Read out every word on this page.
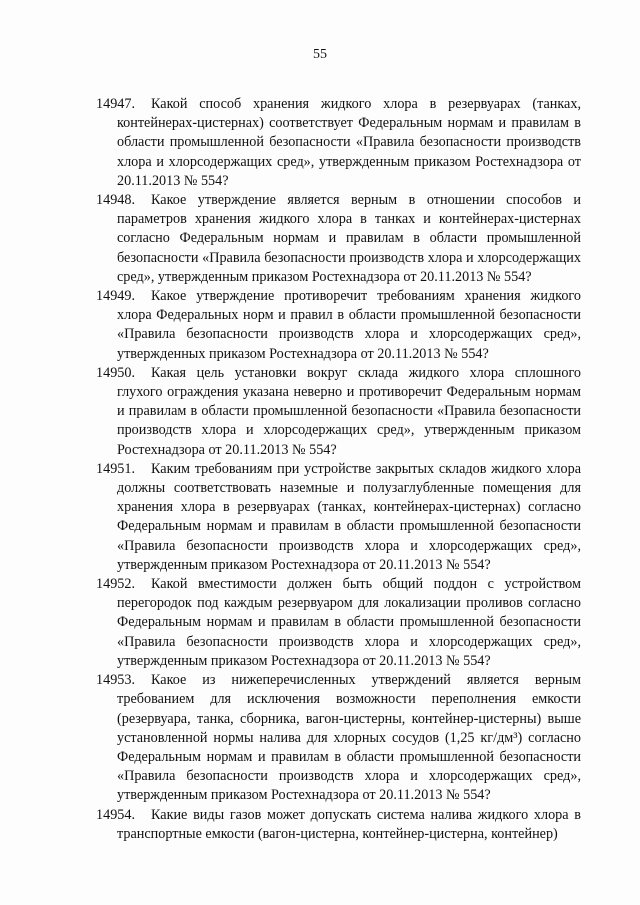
55

14947. Какой способ хранения жидкого хлора в резервуарах (танках, контейнерах-цистернах) соответствует Федеральным нормам и правилам в области промышленной безопасности «Правила безопасности производств хлора и хлорсодержащих сред», утвержденным приказом Ростехнадзора от 20.11.2013 № 554?

14948. Какое утверждение является верным в отношении способов и параметров хранения жидкого хлора в танках и контейнерах-цистернах согласно Федеральным нормам и правилам в области промышленной безопасности «Правила безопасности производств хлора и хлорсодержащих сред», утвержденным приказом Ростехнадзора от 20.11.2013 № 554?

14949. Какое утверждение противоречит требованиям хранения жидкого хлора Федеральных норм и правил в области промышленной безопасности «Правила безопасности производств хлора и хлорсодержащих сред», утвержденных приказом Ростехнадзора от 20.11.2013 № 554?

14950. Какая цель установки вокруг склада жидкого хлора сплошного глухого ограждения указана неверно и противоречит Федеральным нормам и правилам в области промышленной безопасности «Правила безопасности производств хлора и хлорсодержащих сред», утвержденным приказом Ростехнадзора от 20.11.2013 № 554?

14951. Каким требованиям при устройстве закрытых складов жидкого хлора должны соответствовать наземные и полузаглубленные помещения для хранения хлора в резервуарах (танках, контейнерах-цистернах) согласно Федеральным нормам и правилам в области промышленной безопасности «Правила безопасности производств хлора и хлорсодержащих сред», утвержденным приказом Ростехнадзора от 20.11.2013 № 554?

14952. Какой вместимости должен быть общий поддон с устройством перегородок под каждым резервуаром для локализации проливов согласно Федеральным нормам и правилам в области промышленной безопасности «Правила безопасности производств хлора и хлорсодержащих сред», утвержденным приказом Ростехнадзора от 20.11.2013 № 554?

14953. Какое из нижеперечисленных утверждений является верным требованием для исключения возможности переполнения емкости (резервуара, танка, сборника, вагон-цистерны, контейнер-цистерны) выше установленной нормы налива для хлорных сосудов (1,25 кг/дм³) согласно Федеральным нормам и правилам в области промышленной безопасности «Правила безопасности производств хлора и хлорсодержащих сред», утвержденным приказом Ростехнадзора от 20.11.2013 № 554?

14954. Какие виды газов может допускать система налива жидкого хлора в транспортные емкости (вагон-цистерна, контейнер-цистерна, контейнер)
